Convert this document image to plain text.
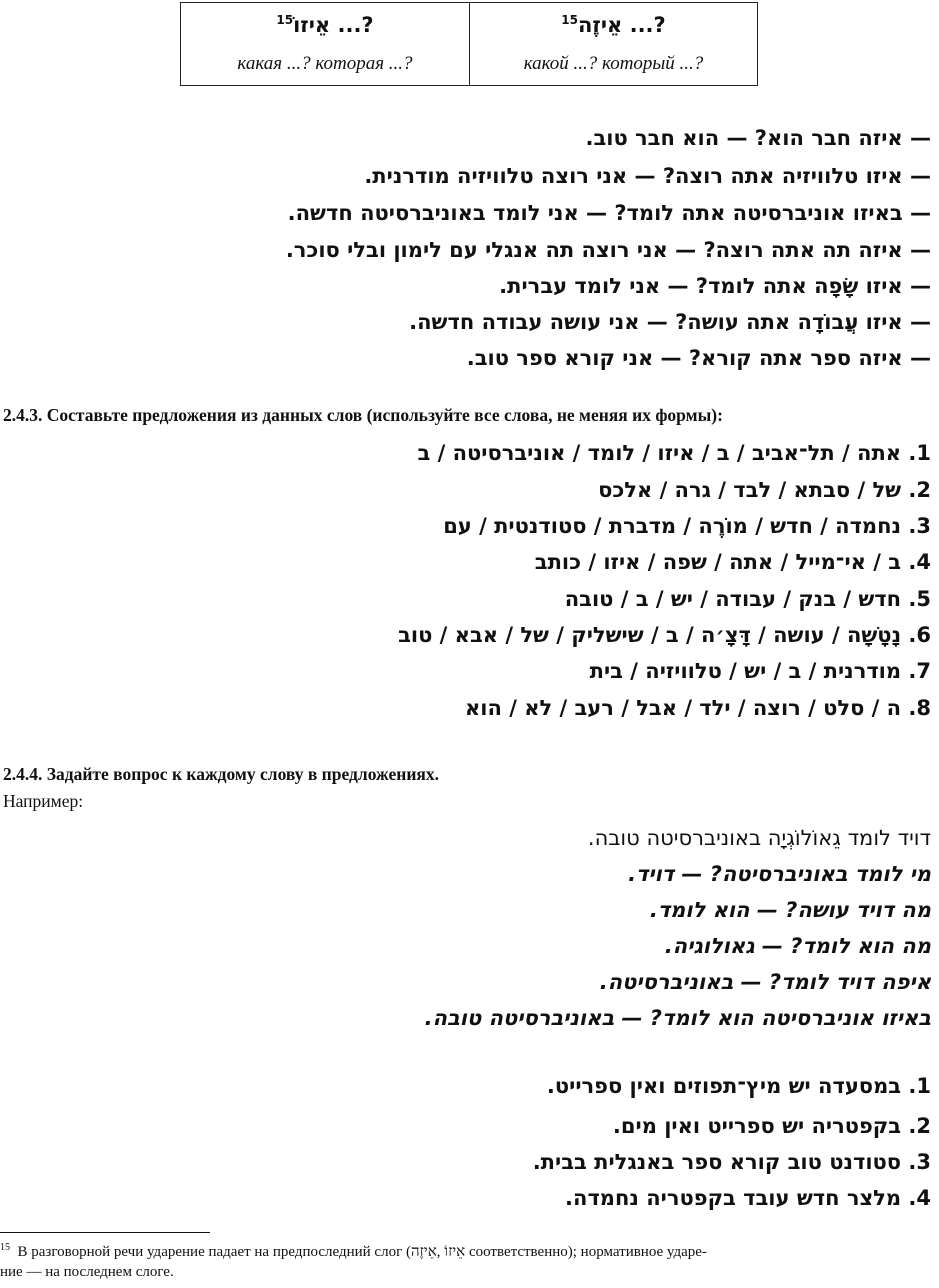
?... אֵיזוֹ$^{15}$
какая ...? которая ...?
?... אֵיזֶה$^{15}$
какой ...? который ...?
— איזה חבר הוא? — הוא חבר טוב.
— איזו טלוויזיה אתה רוצה? — אני רוצה טלוויזיה מודרנית.
— באיזו אוניברסיטה אתה לומד? — אני לומד באוניברסיטה חדשה.
— איזה תה אתה רוצה? — אני רוצה תה אנגלי עם לימון ובלי סוכר.
— איזו שָׂפָה אתה לומד? — אני לומד עברית.
— איזו עֲבוֹדָה אתה עושה? — אני עושה עבודה חדשה.
— איזה ספר אתה קורא? — אני קורא ספר טוב.
2.4.3. Составьте предложения из данных слов (используйте все слова, не меняя их формы):
1. אתה / תל־אביב / ב / איזו / לומד / אוניברסיטה / ב
2. של / סבתא / לבד / גרה / אלכס
3. נחמדה / חדש / מוֹרֶה / מדברת / סטודנטית / עם
4. ב / אי־מייל / אתה / שפה / איזו / כותב
5. חדש / בנק / עבודה / יש / ב / טובה
6. נָטָשָׁה / עושה / דָּצָ׳ה / ב / שישליק / של / אבא / טוב
7. מודרנית / ב / יש / טלוויזיה / בית
8. ה / סלט / רוצה / ילד / אבל / רעב / לא / הוא
2.4.4. Задайте вопрос к каждому слову в предложениях.
Например:
דויד לומד גֵאוֹלוֹגְיָה באוניברסיטה טובה.
מי לומד באוניברסיטה? — דויד.
מה דויד עושה? — הוא לומד.
מה הוא לומד? — גאולוגיה.
איפה דויד לומד? — באוניברסיטה.
באיזו אוניברסיטה הוא לומד? — באוניברסיטה טובה.
1. במסעדה יש מיץ־תפוזים ואין ספרייט.
2. בקפטריה יש ספרייט ואין מים.
3. סטודנט טוב קורא ספר באנגלית בבית.
4. מלצר חדש עובד בקפטריה נחמדה.
$^{15}$ В разговорной речи ударение падает на предпоследний слог (אֵיזוֹ ,אֵיזֶה соответственно); нормативное ударе-
ние — на последнем слоге.
